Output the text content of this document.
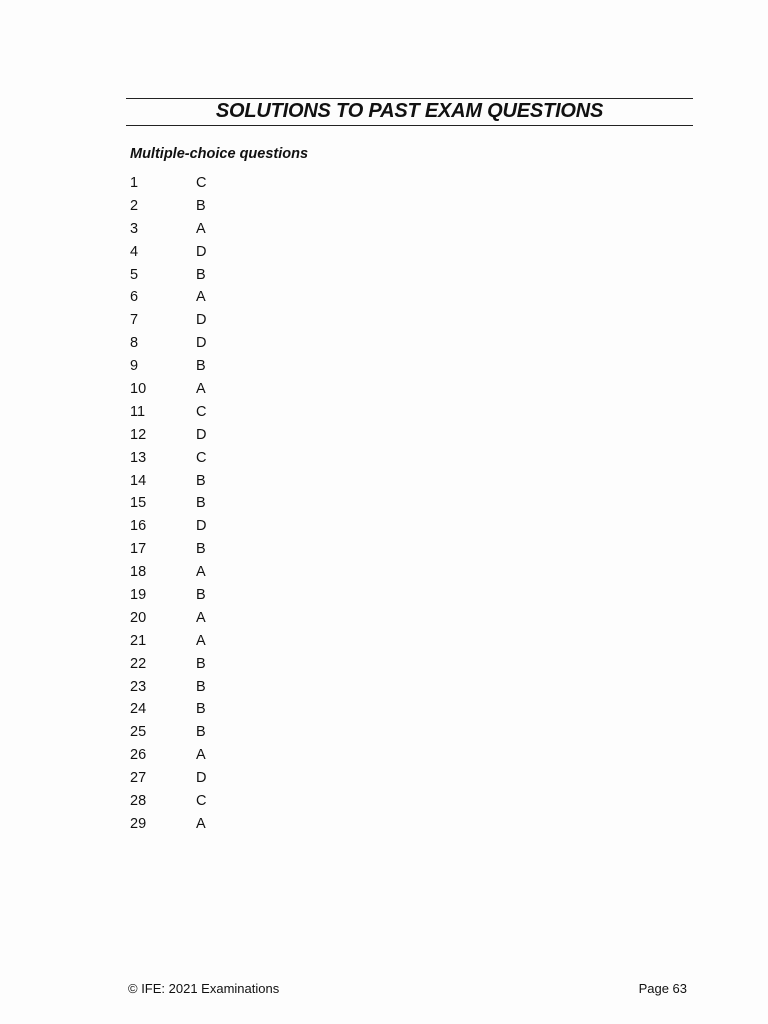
SOLUTIONS TO PAST EXAM QUESTIONS
Multiple-choice questions
1	C
2	B
3	A
4	D
5	B
6	A
7	D
8	D
9	B
10	A
11	C
12	D
13	C
14	B
15	B
16	D
17	B
18	A
19	B
20	A
21	A
22	B
23	B
24	B
25	B
26	A
27	D
28	C
29	A
© IFE: 2021 Examinations	Page 63
